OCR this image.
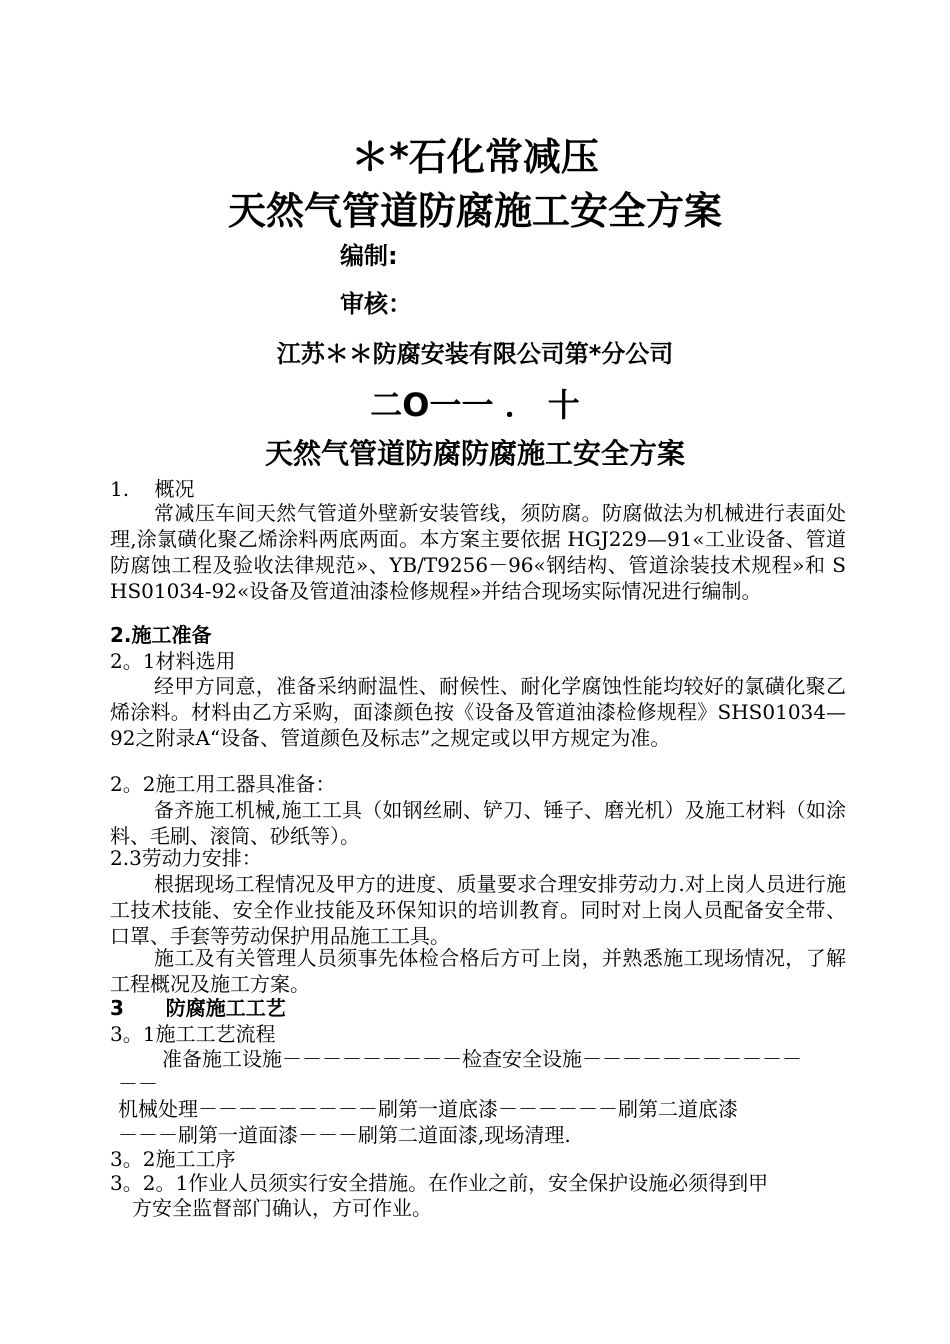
＊*石化常减压
天然气管道防腐施工安全方案
编制:
审核：
江苏＊＊防腐安装有限公司第*分公司
二O一一 ． 十
天然气管道防腐防腐施工安全方案
1.    概况
常减压车间天然气管道外壁新安装管线，须防腐。防腐做法为机械进行表面处理,涂氯磺化聚乙烯涂料两底两面。本方案主要依据 HGJ229—91«工业设备、管道防腐蚀工程及验收法律规范»、YB/T9256－96«钢结构、管道涂装技术规程»和 SHS01034-92«设备及管道油漆检修规程»并结合现场实际情况进行编制。
2.施工准备
2。1材料选用
经甲方同意，准备采纳耐温性、耐候性、耐化学腐蚀性能均较好的氯磺化聚乙烯涂料。材料由乙方采购，面漆颜色按《设备及管道油漆检修规程》SHS01034—92之附录A“设备、管道颜色及标志”之规定或以甲方规定为准。
2。2施工用工器具准备：
备齐施工机械,施工工具（如钢丝刷、铲刀、锤子、磨光机）及施工材料（如涂料、毛刷、滚筒、砂纸等）。
2.3劳动力安排：
根据现场工程情况及甲方的进度、质量要求合理安排劳动力.对上岗人员进行施工技术技能、安全作业技能及环保知识的培训教育。同时对上岗人员配备安全带、口罩、手套等劳动保护用品施工工具。
施工及有关管理人员须事先体检合格后方可上岗，并熟悉施工现场情况，了解工程概况及施工方案。
3      防腐施工工艺
3。1施工工艺流程
准备施工设施－－－－－－－－－检查安全设施－－－－－－－－－－－
－－
机械处理－－－－－－－－－刷第一道底漆－－－－－－刷第二道底漆
－－－刷第一道面漆－－－刷第二道面漆,现场清理.
3。2施工工序
3。2。1作业人员须实行安全措施。在作业之前，安全保护设施必须得到甲
方安全监督部门确认，方可作业。
